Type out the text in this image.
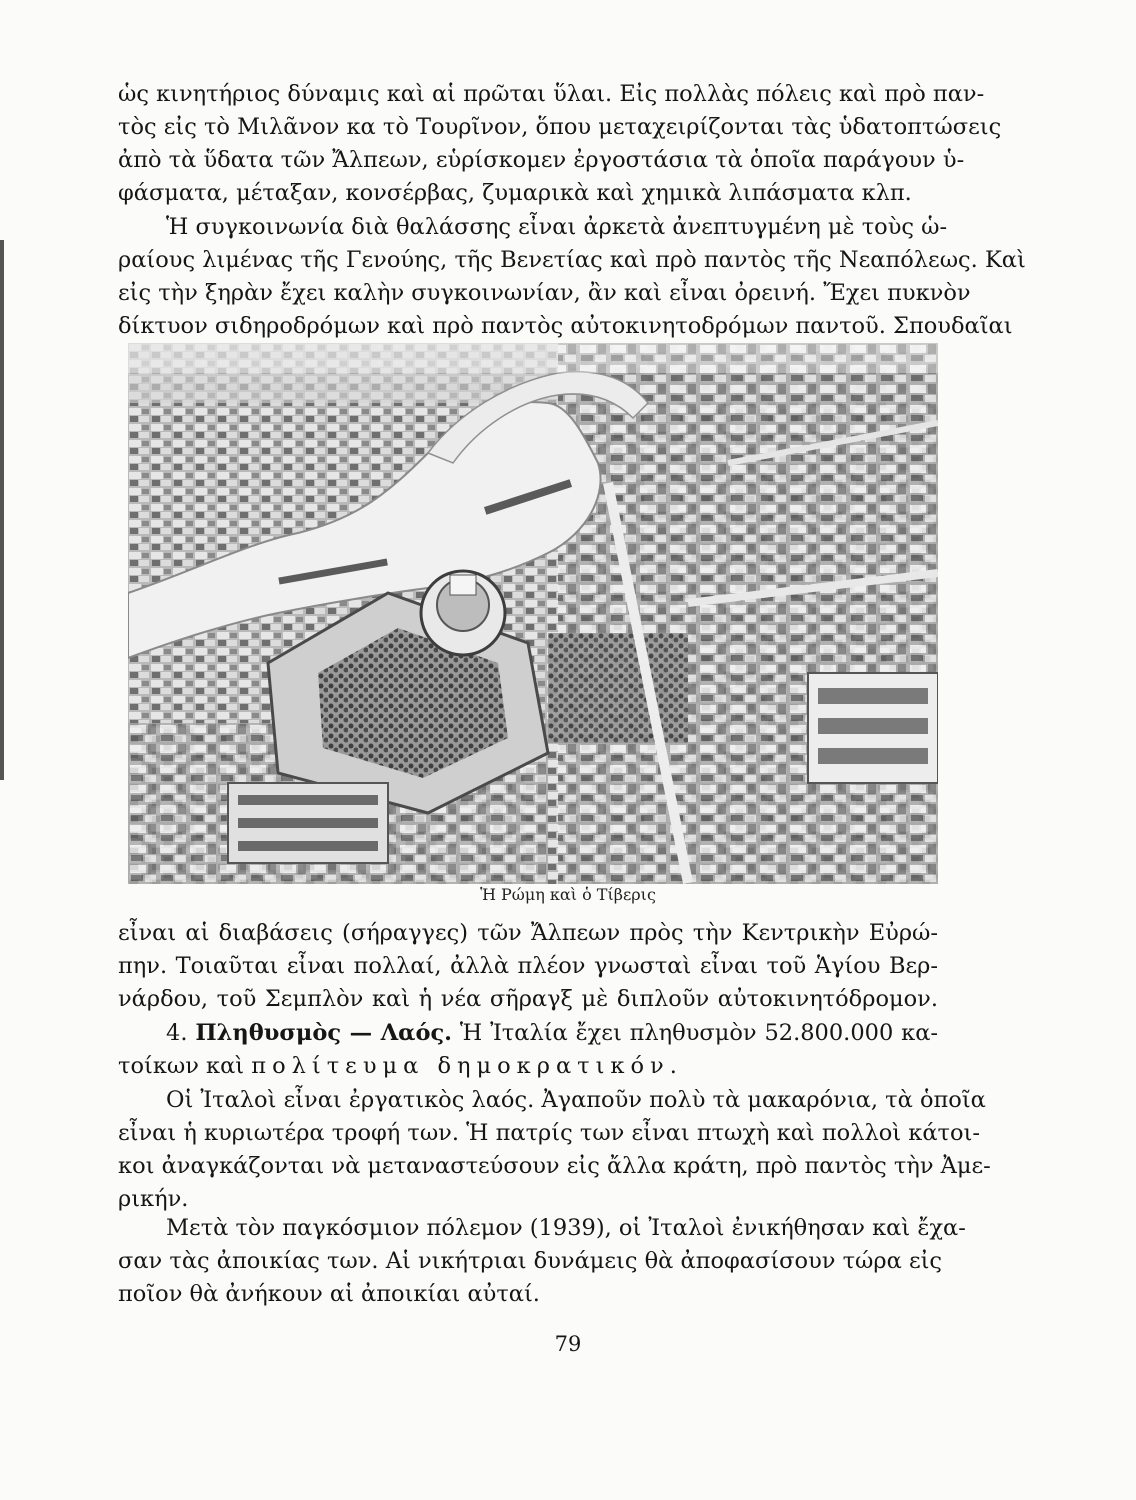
ὡς κινητήριος δύναμις καὶ αἱ πρῶται ὕλαι. Εἰς πολλὰς πόλεις καὶ πρὸ παν-
τὸς εἰς τὸ Μιλᾶνον κα τὸ Τουρῖνον, ὅπου μεταχειρίζονται τὰς ὑδατοπτώσεις
ἀπὸ τὰ ὕδατα τῶν Ἄλπεων, εὑρίσκομεν ἐργοστάσια τὰ ὁποῖα παράγουν ὑ-
φάσματα, μέταξαν, κονσέρβας, ζυμαρικὰ καὶ χημικὰ λιπάσματα κλπ.
Ἡ συγκοινωνία διὰ θαλάσσης εἶναι ἀρκετὰ ἀνεπτυγμένη μὲ τοὺς ὡ-
ραίους λιμένας τῆς Γενούης, τῆς Βενετίας καὶ πρὸ παντὸς τῆς Νεαπόλεως. Καὶ
εἰς τὴν ξηρὰν ἔχει καλὴν συγκοινωνίαν, ἂν καὶ εἶναι ὀρεινή. Ἔχει πυκνὸν
δίκτυον σιδηροδρόμων καὶ πρὸ παντὸς αὐτοκινητοδρόμων παντοῦ. Σπουδαῖαι
Ἡ Ρώμη καὶ ὁ Τίβερις
εἶναι αἱ διαβάσεις (σήραγγες) τῶν Ἄλπεων πρὸς τὴν Κεντρικὴν Εὐρώ-
πην. Τοιαῦται εἶναι πολλαί, ἀλλὰ πλέον γνωσταὶ εἶναι τοῦ Ἁγίου Βερ-
νάρδου, τοῦ Σεμπλὸν καὶ ἡ νέα σῆραγξ μὲ διπλοῦν αὐτοκινητόδρομον.
4. Πληθυσμὸς — Λαός. Ἡ Ἰταλία ἔχει πληθυσμὸν 52.800.000 κα-
τοίκων καὶ πολίτευμα δημοκρατικόν.
Οἱ Ἰταλοὶ εἶναι ἐργατικὸς λαός. Ἀγαποῦν πολὺ τὰ μακαρόνια, τὰ ὁποῖα
εἶναι ἡ κυριωτέρα τροφή των. Ἡ πατρίς των εἶναι πτωχὴ καὶ πολλοὶ κάτοι-
κοι ἀναγκάζονται νὰ μεταναστεύσουν εἰς ἄλλα κράτη, πρὸ παντὸς τὴν Ἀμε-
ρικήν.
Μετὰ τὸν παγκόσμιον πόλεμον (1939), οἱ Ἰταλοὶ ἐνικήθησαν καὶ ἔχα-
σαν τὰς ἀποικίας των. Αἱ νικήτριαι δυνάμεις θὰ ἀποφασίσουν τώρα εἰς
ποῖον θὰ ἀνήκουν αἱ ἀποικίαι αὐταί.
79
